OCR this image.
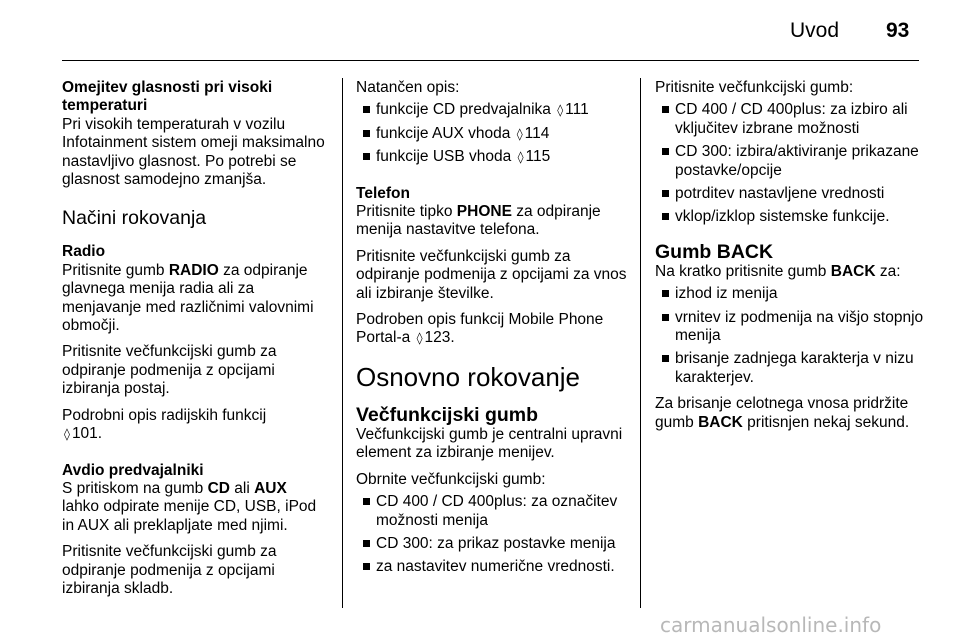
Uvod 93

Omejitev glasnosti pri visoki temperaturi

Pri visokih temperaturah v vozilu Infotainment sistem omeji maksimalno nastavljivo glasnost. Po potrebi se glasnost samodejno zmanjša.

Načini rokovanja

Radio

Pritisnite gumb RADIO za odpiranje glavnega menija radia ali za menjavanje med različnimi valovnimi območji.

Pritisnite večfunkcijski gumb za odpiranje podmenija z opcijami izbiranja postaj.

Podrobni opis radijskih funkcij
◊ 101.

Avdio predvajalniki

S pritiskom na gumb CD ali AUX lahko odpirate menije CD, USB, iPod in AUX ali preklapljate med njimi.

Pritisnite večfunkcijski gumb za odpiranje podmenija z opcijami izbiranja skladb.

Natančen opis:

funkcije CD predvajalnika ◊ 111
funkcije AUX vhoda ◊ 114
funkcije USB vhoda ◊ 115

Telefon

Pritisnite tipko PHONE za odpiranje menija nastavitve telefona.

Pritisnite večfunkcijski gumb za odpiranje podmenija z opcijami za vnos ali izbiranje številke.

Podroben opis funkcij Mobile Phone Portal-a ◊ 123.

Osnovno rokovanje
Večfunkcijski gumb

Večfunkcijski gumb je centralni upravni element za izbiranje menijev.

Obrnite večfunkcijski gumb:

CD 400 / CD 400plus: za označitev možnosti menija
CD 300: za prikaz postavke menija
za nastavitev numerične vrednosti.

Pritisnite večfunkcijski gumb:

CD 400 / CD 400plus: za izbiro ali vključitev izbrane možnosti
CD 300: izbira/aktiviranje prikazane postavke/opcije
potrditev nastavljene vrednosti
vklop/izklop sistemske funkcije.
Gumb BACK

Na kratko pritisnite gumb BACK za:

izhod iz menija
vrnitev iz podmenija na višjo stopnjo menija
brisanje zadnjega karakterja v nizu karakterjev.

Za brisanje celotnega vnosa pridržite gumb BACK pritisnjen nekaj sekund.

carmanualsonline.info
